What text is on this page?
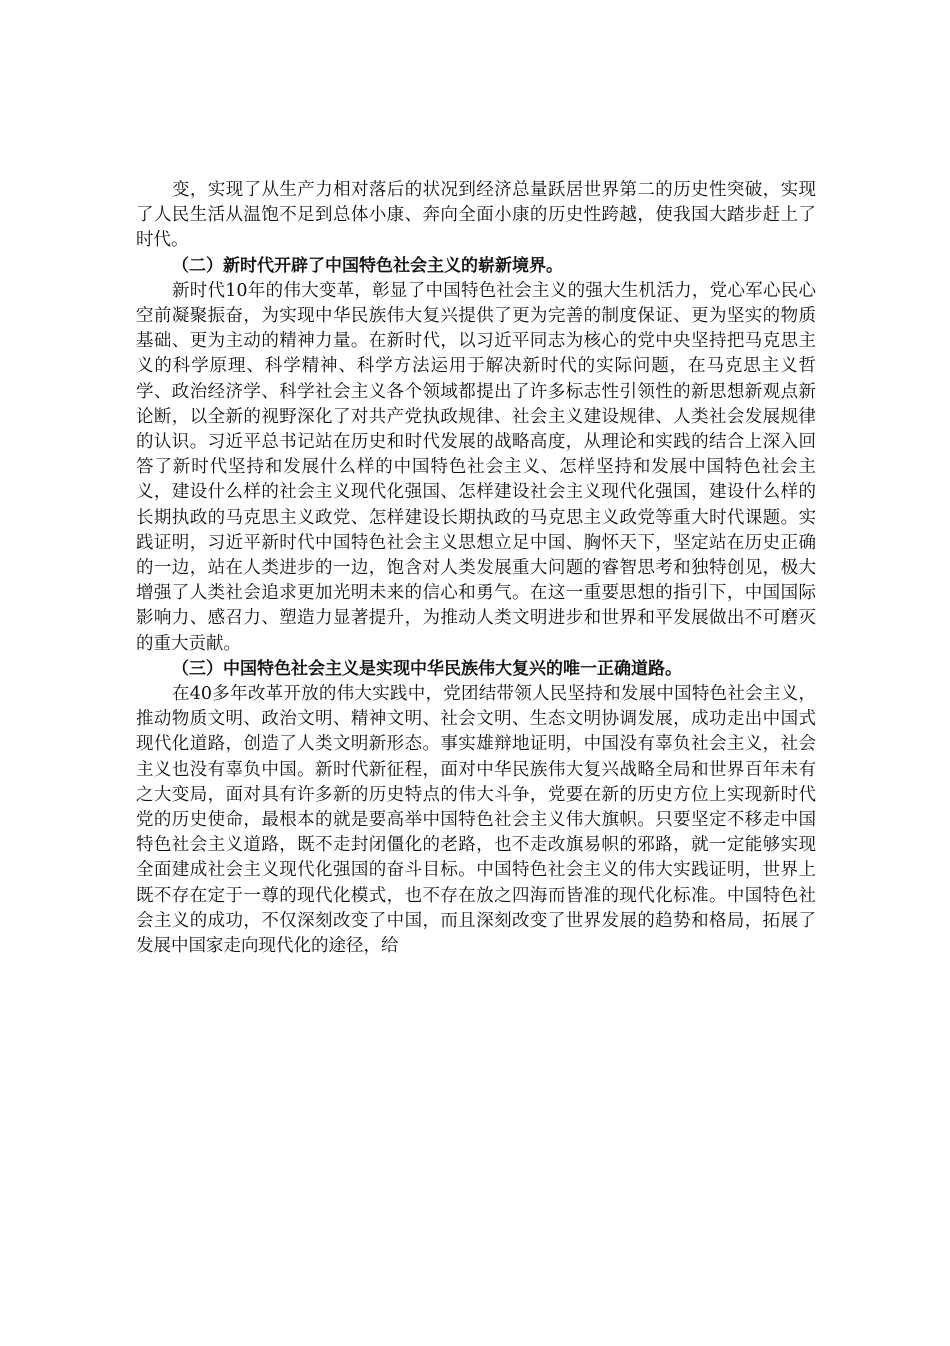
变，实现了从生产力相对落后的状况到经济总量跃居世界第二的历史性突破，实现了人民生活从温饱不足到总体小康、奔向全面小康的历史性跨越，使我国大踏步赶上了时代。

（二）新时代开辟了中国特色社会主义的崭新境界。

新时代10年的伟大变革，彰显了中国特色社会主义的强大生机活力，党心军心民心空前凝聚振奋，为实现中华民族伟大复兴提供了更为完善的制度保证、更为坚实的物质基础、更为主动的精神力量。在新时代，以习近平同志为核心的党中央坚持把马克思主义的科学原理、科学精神、科学方法运用于解决新时代的实际问题，在马克思主义哲学、政治经济学、科学社会主义各个领域都提出了许多标志性引领性的新思想新观点新论断，以全新的视野深化了对共产党执政规律、社会主义建设规律、人类社会发展规律的认识。习近平总书记站在历史和时代发展的战略高度，从理论和实践的结合上深入回答了新时代坚持和发展什么样的中国特色社会主义、怎样坚持和发展中国特色社会主义，建设什么样的社会主义现代化强国、怎样建设社会主义现代化强国，建设什么样的长期执政的马克思主义政党、怎样建设长期执政的马克思主义政党等重大时代课题。实践证明，习近平新时代中国特色社会主义思想立足中国、胸怀天下，坚定站在历史正确的一边，站在人类进步的一边，饱含对人类发展重大问题的睿智思考和独特创见，极大增强了人类社会追求更加光明未来的信心和勇气。在这一重要思想的指引下，中国国际影响力、感召力、塑造力显著提升，为推动人类文明进步和世界和平发展做出不可磨灭的重大贡献。

（三）中国特色社会主义是实现中华民族伟大复兴的唯一正确道路。

在40多年改革开放的伟大实践中，党团结带领人民坚持和发展中国特色社会主义，推动物质文明、政治文明、精神文明、社会文明、生态文明协调发展，成功走出中国式现代化道路，创造了人类文明新形态。事实雄辩地证明，中国没有辜负社会主义，社会主义也没有辜负中国。新时代新征程，面对中华民族伟大复兴战略全局和世界百年未有之大变局，面对具有许多新的历史特点的伟大斗争，党要在新的历史方位上实现新时代党的历史使命，最根本的就是要高举中国特色社会主义伟大旗帜。只要坚定不移走中国特色社会主义道路，既不走封闭僵化的老路，也不走改旗易帜的邪路，就一定能够实现全面建成社会主义现代化强国的奋斗目标。中国特色社会主义的伟大实践证明，世界上既不存在定于一尊的现代化模式，也不存在放之四海而皆准的现代化标准。中国特色社会主义的成功，不仅深刻改变了中国，而且深刻改变了世界发展的趋势和格局，拓展了发展中国家走向现代化的途径，给
